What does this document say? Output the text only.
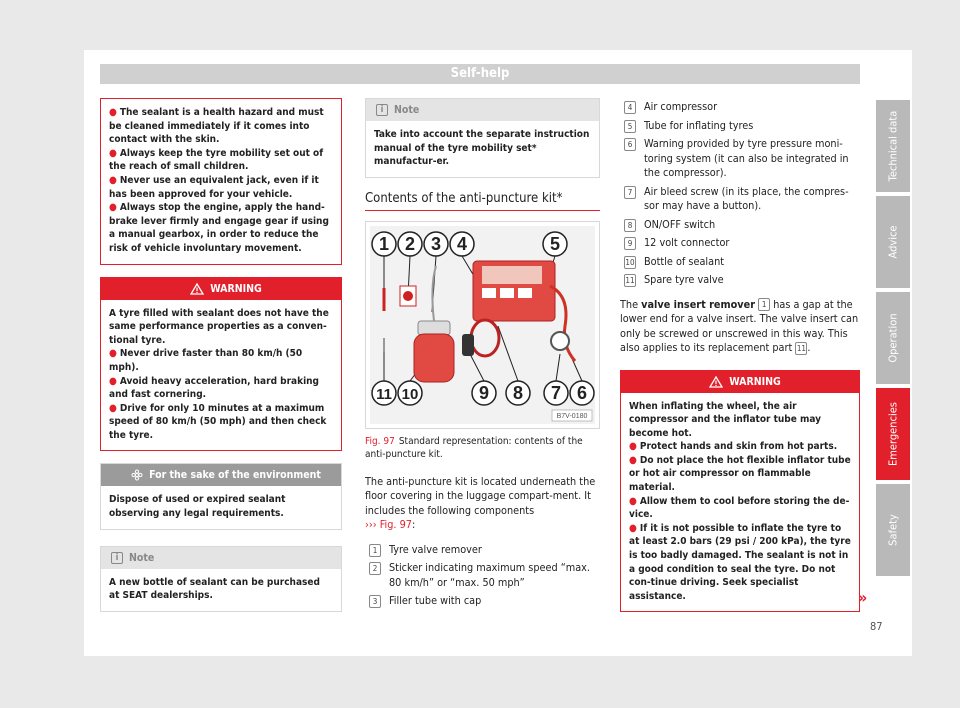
Self-help
● The sealant is a health hazard and must be cleaned immediately if it comes into contact with the skin.
● Always keep the tyre mobility set out of the reach of small children.
● Never use an equivalent jack, even if it has been approved for your vehicle.
● Always stop the engine, apply the hand-brake lever firmly and engage gear if using a manual gearbox, in order to reduce the risk of vehicle involuntary movement.
WARNING
A tyre filled with sealant does not have the same performance properties as a conven-tional tyre.
● Never drive faster than 80 km/h (50 mph).
● Avoid heavy acceleration, hard braking and fast cornering.
● Drive for only 10 minutes at a maximum speed of 80 km/h (50 mph) and then check the tyre.
For the sake of the environment
Dispose of used or expired sealant observing any legal requirements.
i	Note
A new bottle of sealant can be purchased at SEAT dealerships.
i	Note
Take into account the separate instruction manual of the tyre mobility set* manufactur-er.
Contents of the anti-puncture kit*
1 2 3 4	5
11 10	9 8 7 6
B7V-0180
Fig. 97 Standard representation: contents of the anti-puncture kit.
The anti-puncture kit is located underneath the floor covering in the luggage compart-ment. It includes the following components
››› Fig. 97:
1	Tyre valve remover
2	Sticker indicating maximum speed “max. 80 km/h” or “max. 50 mph”
3	Filler tube with cap
4	Air compressor
5	Tube for inflating tyres
6	Warning provided by tyre pressure moni-toring system (it can also be integrated in the compressor).
7	Air bleed screw (in its place, the compres-sor may have a button).
8	ON/OFF switch
9	12 volt connector
10 Bottle of sealant
11 Spare tyre valve
The valve insert remover 1 has a gap at the lower end for a valve insert. The valve insert can only be screwed or unscrewed in this way. This also applies to its replacement part 11.
WARNING
When inflating the wheel, the air compressor and the inflator tube may become hot.
● Protect hands and skin from hot parts.
● Do not place the hot flexible inflator tube or hot air compressor on flammable material.
● Allow them to cool before storing the de-vice.
● If it is not possible to inflate the tyre to at least 2.0 bars (29 psi / 200 kPa), the tyre is too badly damaged. The sealant is not in a good condition to seal the tyre. Do not con-tinue driving. Seek specialist assistance.	»
87
Technical data
Advice
Operation
Emergencies
Safety
